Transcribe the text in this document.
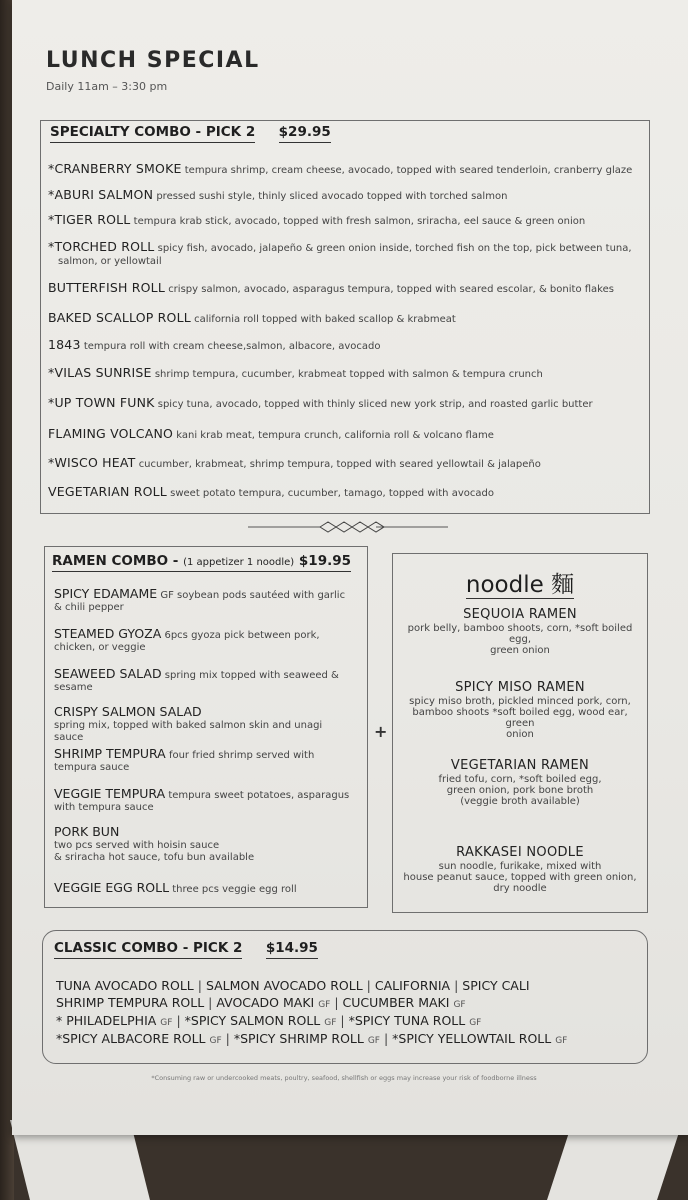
LUNCH SPECIAL
Daily 11am – 3:30 pm
SPECIALTY COMBO - PICK 2 $29.95
*CRANBERRY SMOKE tempura shrimp, cream cheese, avocado, topped with seared tenderloin, cranberry glaze
*ABURI SALMON pressed sushi style, thinly sliced avocado topped with torched salmon
*TIGER ROLL tempura krab stick, avocado, topped with fresh salmon, sriracha, eel sauce & green onion
*TORCHED ROLL spicy fish, avocado, jalapeño & green onion inside, torched fish on the top, pick between tuna,
salmon, or yellowtail
BUTTERFISH ROLL crispy salmon, avocado, asparagus tempura, topped with seared escolar, & bonito flakes
BAKED SCALLOP ROLL california roll topped with baked scallop & krabmeat
1843 tempura roll with cream cheese,salmon, albacore, avocado
*VILAS SUNRISE shrimp tempura, cucumber, krabmeat topped with salmon & tempura crunch
*UP TOWN FUNK spicy tuna, avocado, topped with thinly sliced new york strip, and roasted garlic butter
FLAMING VOLCANO kani krab meat, tempura crunch, california roll & volcano flame
*WISCO HEAT cucumber, krabmeat, shrimp tempura, topped with seared yellowtail & jalapeño
VEGETARIAN ROLL sweet potato tempura, cucumber, tamago, topped with avocado
RAMEN COMBO - (1 appetizer 1 noodle) $19.95
SPICY EDAMAME GF soybean pods sautéed with garlic
& chili pepper
STEAMED GYOZA 6pcs gyoza pick between pork,
chicken, or veggie
SEAWEED SALAD spring mix topped with seaweed &
sesame
CRISPY SALMON SALAD
spring mix, topped with baked salmon skin and unagi sauce
SHRIMP TEMPURA four fried shrimp served with
tempura sauce
VEGGIE TEMPURA tempura sweet potatoes, asparagus
with tempura sauce
PORK BUN
two pcs served with hoisin sauce
& sriracha hot sauce, tofu bun available
VEGGIE EGG ROLL three pcs veggie egg roll
+
noodle 麵
SEQUOIA RAMEN
pork belly, bamboo shoots, corn, *soft boiled egg,
green onion
SPICY MISO RAMEN
spicy miso broth, pickled minced pork, corn,
bamboo shoots *soft boiled egg, wood ear, green
onion
VEGETARIAN RAMEN
fried tofu, corn, *soft boiled egg,
green onion, pork bone broth
(veggie broth available)
RAKKASEI NOODLE
sun noodle, furikake, mixed with
house peanut sauce, topped with green onion,
dry noodle
CLASSIC COMBO - PICK 2 $14.95
TUNA AVOCADO ROLL | SALMON AVOCADO ROLL | CALIFORNIA | SPICY CALI
SHRIMP TEMPURA ROLL | AVOCADO MAKI GF | CUCUMBER MAKI GF
* PHILADELPHIA GF | *SPICY SALMON ROLL GF | *SPICY TUNA ROLL GF
*SPICY ALBACORE ROLL GF | *SPICY SHRIMP ROLL GF | *SPICY YELLOWTAIL ROLL GF
*Consuming raw or undercooked meats, poultry, seafood, shellfish or eggs may increase your risk of foodborne illness
